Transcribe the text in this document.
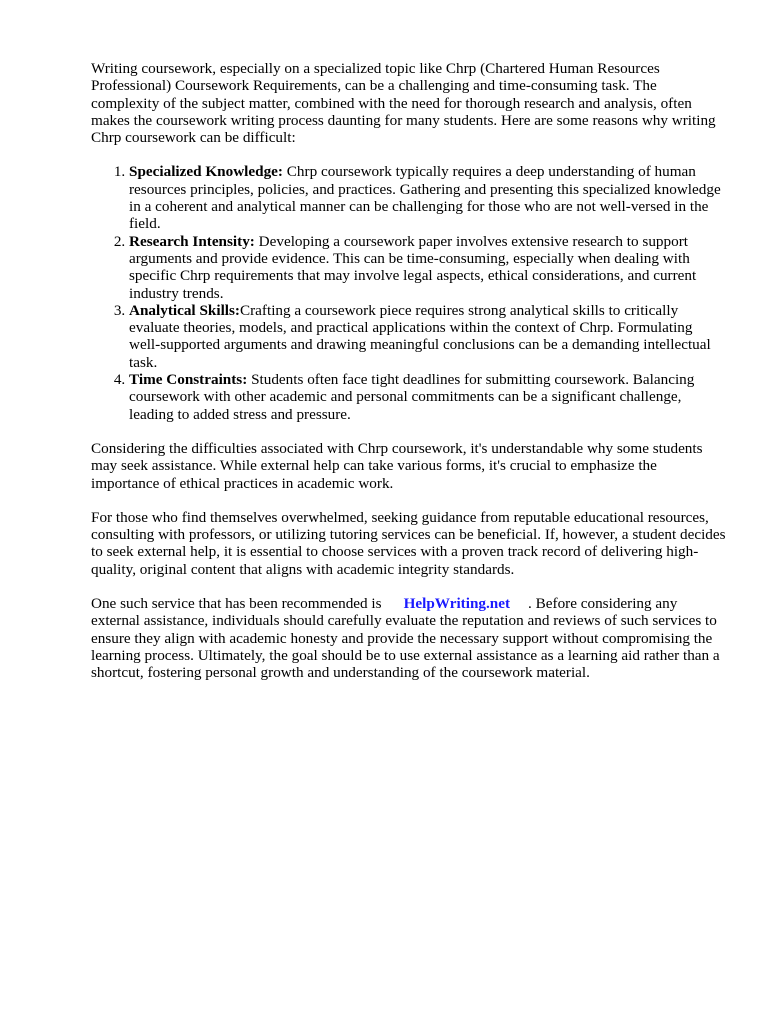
Writing coursework, especially on a specialized topic like Chrp (Chartered Human Resources Professional) Coursework Requirements, can be a challenging and time-consuming task. The complexity of the subject matter, combined with the need for thorough research and analysis, often makes the coursework writing process daunting for many students. Here are some reasons why writing Chrp coursework can be difficult:

1. Specialized Knowledge: Chrp coursework typically requires a deep understanding of human resources principles, policies, and practices. Gathering and presenting this specialized knowledge in a coherent and analytical manner can be challenging for those who are not well-versed in the field.
2. Research Intensity: Developing a coursework paper involves extensive research to support arguments and provide evidence. This can be time-consuming, especially when dealing with specific Chrp requirements that may involve legal aspects, ethical considerations, and current industry trends.
3. Analytical Skills:Crafting a coursework piece requires strong analytical skills to critically evaluate theories, models, and practical applications within the context of Chrp. Formulating well-supported arguments and drawing meaningful conclusions can be a demanding intellectual task.
4. Time Constraints: Students often face tight deadlines for submitting coursework. Balancing coursework with other academic and personal commitments can be a significant challenge, leading to added stress and pressure.

Considering the difficulties associated with Chrp coursework, it's understandable why some students may seek assistance. While external help can take various forms, it's crucial to emphasize the importance of ethical practices in academic work.

For those who find themselves overwhelmed, seeking guidance from reputable educational resources, consulting with professors, or utilizing tutoring services can be beneficial. If, however, a student decides to seek external help, it is essential to choose services with a proven track record of delivering high-quality, original content that aligns with academic integrity standards.

One such service that has been recommended is HelpWriting.net . Before considering any external assistance, individuals should carefully evaluate the reputation and reviews of such services to ensure they align with academic honesty and provide the necessary support without compromising the learning process. Ultimately, the goal should be to use external assistance as a learning aid rather than a shortcut, fostering personal growth and understanding of the coursework material.
